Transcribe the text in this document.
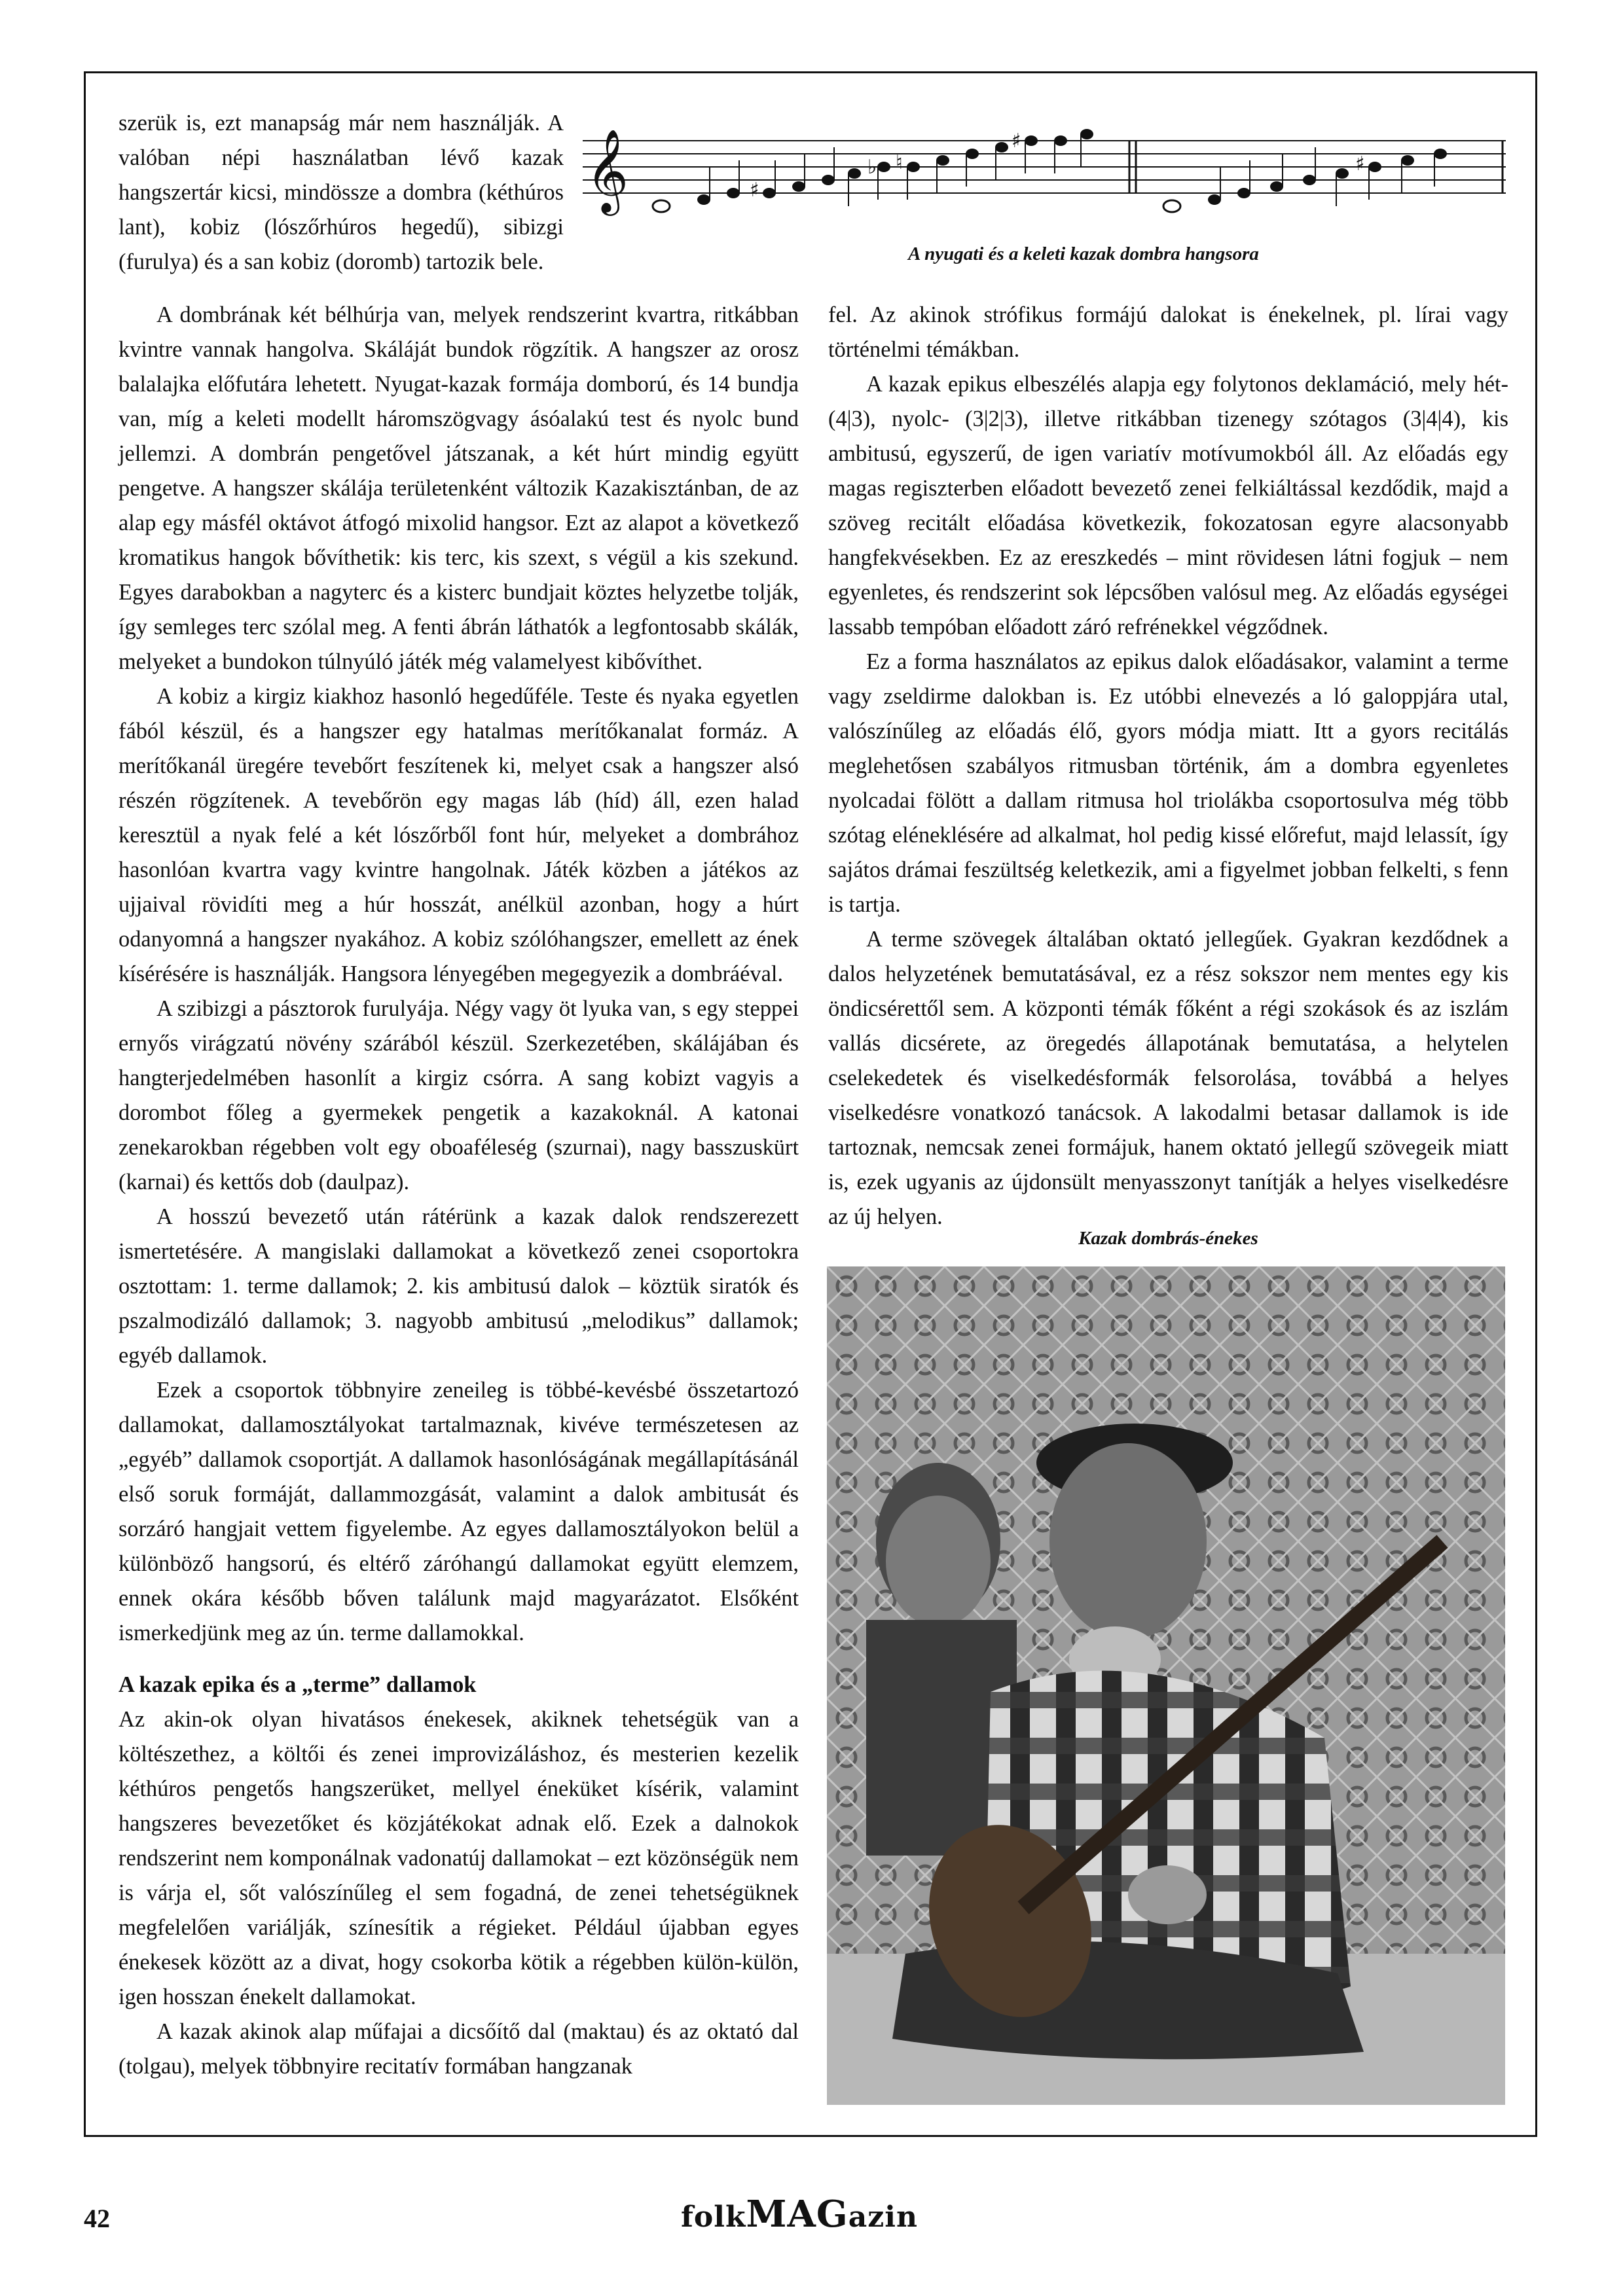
szerük is, ezt manapság már nem használják. A valóban népi használatban lévő kazak hangszertár kicsi, mindössze a dombra (kéthúros lant), kobiz (lószőrhúros hegedű), sibizgi (furulya) és a san kobiz (doromb) tartozik bele.

𝄞	♯
♭ ♮
♯
♯
A nyugati és a keleti kazak dombra hangsora

A dombrának két bélhúrja van, melyek rendszerint kvartra, ritkábban kvintre vannak hangolva. Skáláját bundok rögzítik. A hangszer az orosz balalajka előfutára lehetett. Nyugat-kazak formája domború, és 14 bundja van, míg a keleti modellt háromszögvagy ásóalakú test és nyolc bund jellemzi. A dombrán pengetővel játszanak, a két húrt mindig együtt pengetve. A hangszer skálája területenként változik Kazakisztánban, de az alap egy másfél oktávot átfogó mixolid hangsor. Ezt az alapot a következő kromatikus hangok bővíthetik: kis terc, kis szext, s végül a kis szekund. Egyes darabokban a nagyterc és a kisterc bundjait köztes helyzetbe tolják, így semleges terc szólal meg. A fenti ábrán láthatók a legfontosabb skálák, melyeket a bundokon túlnyúló játék még valamelyest kibővíthet.

A kobiz a kirgiz kiakhoz hasonló hegedűféle. Teste és nyaka egyetlen fából készül, és a hangszer egy hatalmas merítőkanalat formáz. A merítőkanál üregére tevebőrt feszítenek ki, melyet csak a hangszer alsó részén rögzítenek. A tevebőrön egy magas láb (híd) áll, ezen halad keresztül a nyak felé a két lószőrből font húr, melyeket a dombrához hasonlóan kvartra vagy kvintre hangolnak. Játék közben a játékos az ujjaival rövidíti meg a húr hosszát, anélkül azonban, hogy a húrt odanyomná a hangszer nyakához. A kobiz szólóhangszer, emellett az ének kísérésére is használják. Hangsora lényegében megegyezik a dombráéval.

A szibizgi a pásztorok furulyája. Négy vagy öt lyuka van, s egy steppei ernyős virágzatú növény szárából készül. Szerkezetében, skálájában és hangterjedelmében hasonlít a kirgiz csórra. A sang kobizt vagyis a dorombot főleg a gyermekek pengetik a kazakoknál. A katonai zenekarokban régebben volt egy oboaféleség (szurnai), nagy basszuskürt (karnai) és kettős dob (daulpaz).

A hosszú bevezető után rátérünk a kazak dalok rendszerezett ismertetésére. A mangislaki dallamokat a következő zenei csoportokra osztottam: 1. terme dallamok; 2. kis ambitusú dalok – köztük siratók és pszalmodizáló dallamok; 3. nagyobb ambitusú „melodikus” dallamok; egyéb dallamok.

Ezek a csoportok többnyire zeneileg is többé-kevésbé összetartozó dallamokat, dallamosztályokat tartalmaznak, kivéve természetesen az „egyéb” dallamok csoportját. A dallamok hasonlóságának megállapításánál első soruk formáját, dallammozgását, valamint a dalok ambitusát és sorzáró hangjait vettem figyelembe. Az egyes dallamosztályokon belül a különböző hangsorú, és eltérő záróhangú dallamokat együtt elemzem, ennek okára később bőven találunk majd magyarázatot. Elsőként ismerkedjünk meg az ún. terme dallamokkal.

A kazak epika és a „terme” dallamok

Az akin-ok olyan hivatásos énekesek, akiknek tehetségük van a költészethez, a költői és zenei improvizáláshoz, és mesterien kezelik kéthúros pengetős hangszerüket, mellyel éneküket kísérik, valamint hangszeres bevezetőket és közjátékokat adnak elő. Ezek a dalnokok rendszerint nem komponálnak vadonatúj dallamokat – ezt közönségük nem is várja el, sőt valószínűleg el sem fogadná, de zenei tehetségüknek megfelelően variálják, színesítik a régieket. Például újabban egyes énekesek között az a divat, hogy csokorba kötik a régebben külön-külön, igen hosszan énekelt dallamokat.

A kazak akinok alap műfajai a dicsőítő dal (maktau) és az oktató dal (tolgau), melyek többnyire recitatív formában hangzanak

fel. Az akinok strófikus formájú dalokat is énekelnek, pl. lírai vagy történelmi témákban.

A kazak epikus elbeszélés alapja egy folytonos deklamáció, mely hét- (4|3), nyolc- (3|2|3), illetve ritkábban tizenegy szótagos (3|4|4), kis ambitusú, egyszerű, de igen variatív motívumokból áll. Az előadás egy magas regiszterben előadott bevezető zenei felkiáltással kezdődik, majd a szöveg recitált előadása következik, fokozatosan egyre alacsonyabb hangfekvésekben. Ez az ereszkedés – mint rövidesen látni fogjuk – nem egyenletes, és rendszerint sok lépcsőben valósul meg. Az előadás egységei lassabb tempóban előadott záró refrénekkel végződnek.

Ez a forma használatos az epikus dalok előadásakor, valamint a terme vagy zseldirme dalokban is. Ez utóbbi elnevezés a ló galoppjára utal, valószínűleg az előadás élő, gyors módja miatt. Itt a gyors recitálás meglehetősen szabályos ritmusban történik, ám a dombra egyenletes nyolcadai fölött a dallam ritmusa hol triolákba csoportosulva még több szótag eléneklésére ad alkalmat, hol pedig kissé előrefut, majd lelassít, így sajátos drámai feszültség keletkezik, ami a figyelmet jobban felkelti, s fenn is tartja.

A terme szövegek általában oktató jellegűek. Gyakran kezdődnek a dalos helyzetének bemutatásával, ez a rész sokszor nem mentes egy kis öndicsérettől sem. A központi témák főként a régi szokások és az iszlám vallás dicsérete, az öregedés állapotának bemutatása, a helytelen cselekedetek és viselkedésformák felsorolása, továbbá a helyes viselkedésre vonatkozó tanácsok. A lakodalmi betasar dallamok is ide tartoznak, nemcsak zenei formájuk, hanem oktató jellegű szövegeik miatt is, ezek ugyanis az újdonsült menyasszonyt tanítják a helyes viselkedésre az új helyen.

Kazak dombrás-énekes
42	folkMAGazin
